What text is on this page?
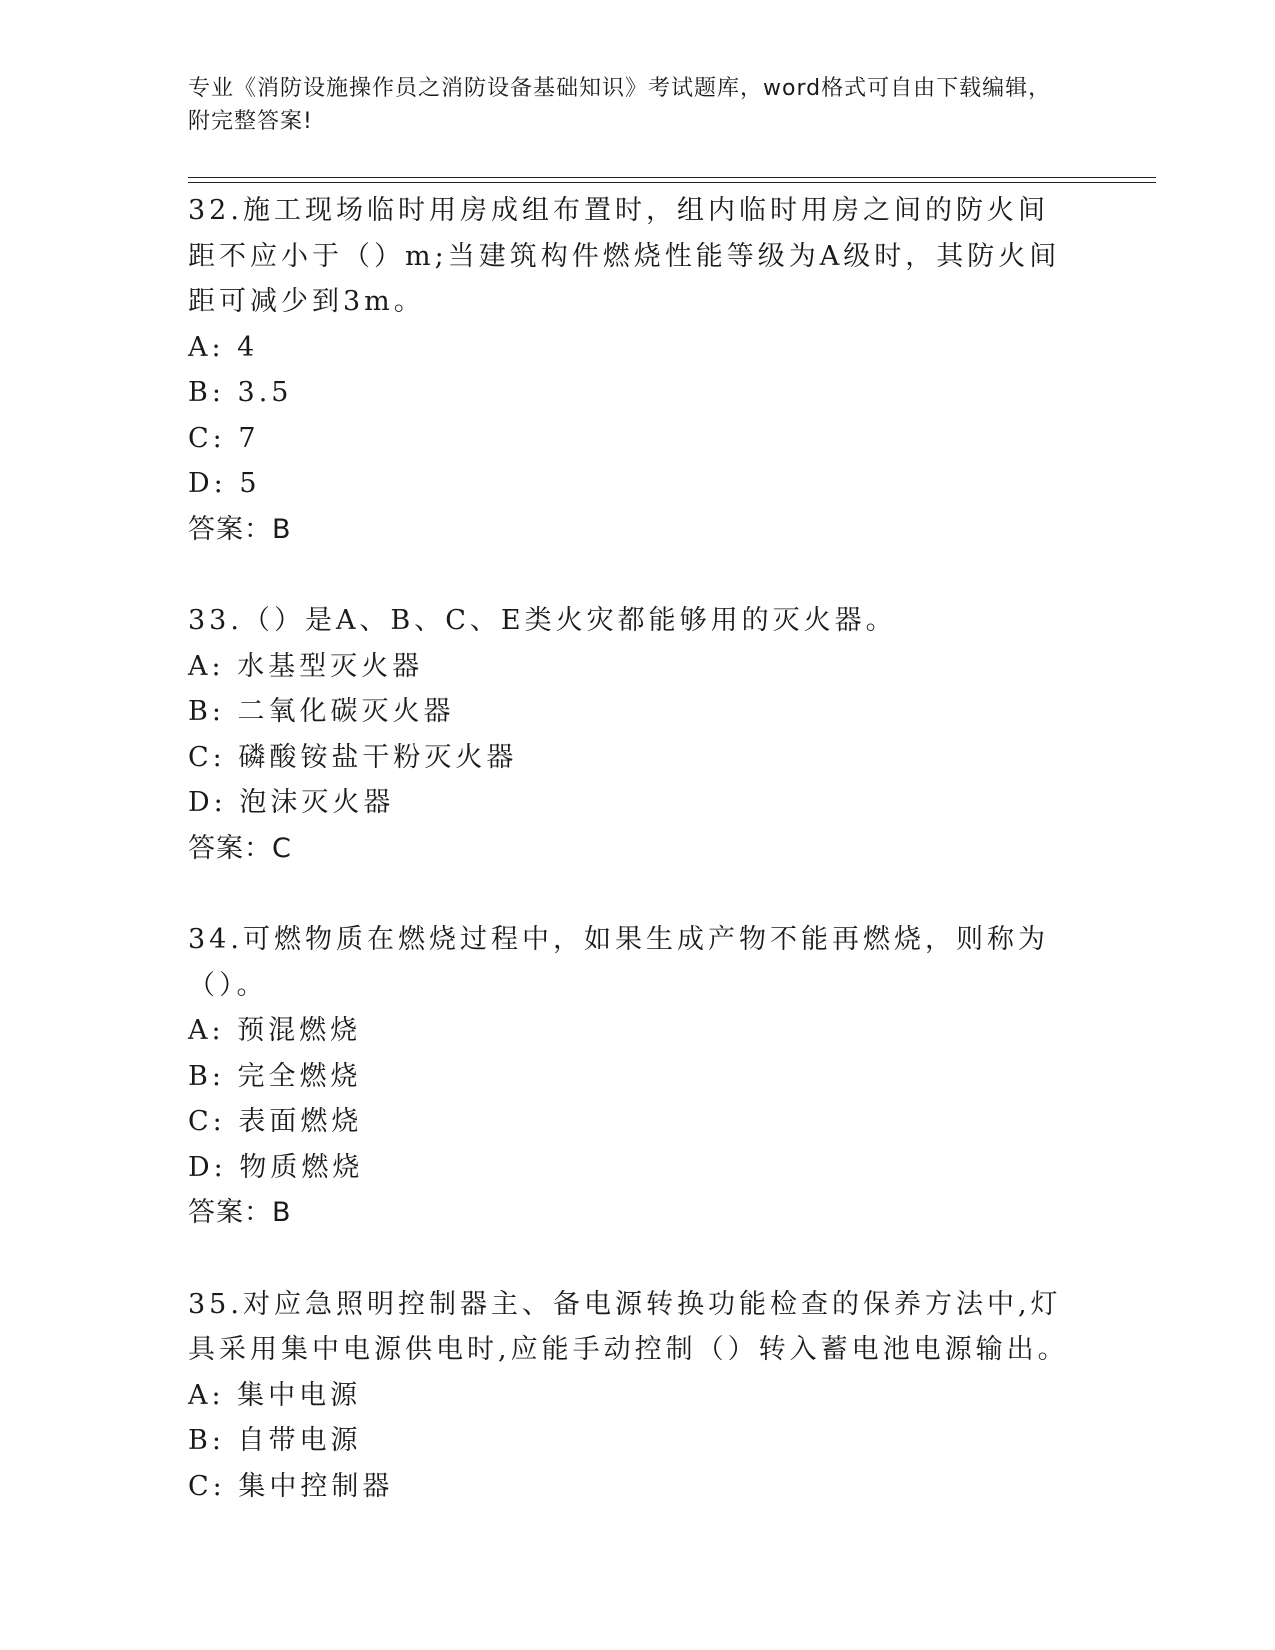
专业《消防设施操作员之消防设备基础知识》考试题库，word格式可自由下载编辑，附完整答案!
32.施工现场临时用房成组布置时，组内临时用房之间的防火间距不应小于（）m;当建筑构件燃烧性能等级为A级时，其防火间距可减少到3m。
A: 4
B: 3.5
C: 7
D: 5
答案：B
33.（）是A、B、C、E类火灾都能够用的灭火器。
A: 水基型灭火器
B: 二氧化碳灭火器
C: 磷酸铵盐干粉灭火器
D: 泡沫灭火器
答案：C
34.可燃物质在燃烧过程中，如果生成产物不能再燃烧，则称为（）。
A: 预混燃烧
B: 完全燃烧
C: 表面燃烧
D: 物质燃烧
答案：B
35.对应急照明控制器主、备电源转换功能检查的保养方法中,灯具采用集中电源供电时,应能手动控制（）转入蓄电池电源输出。
A: 集中电源
B: 自带电源
C: 集中控制器
